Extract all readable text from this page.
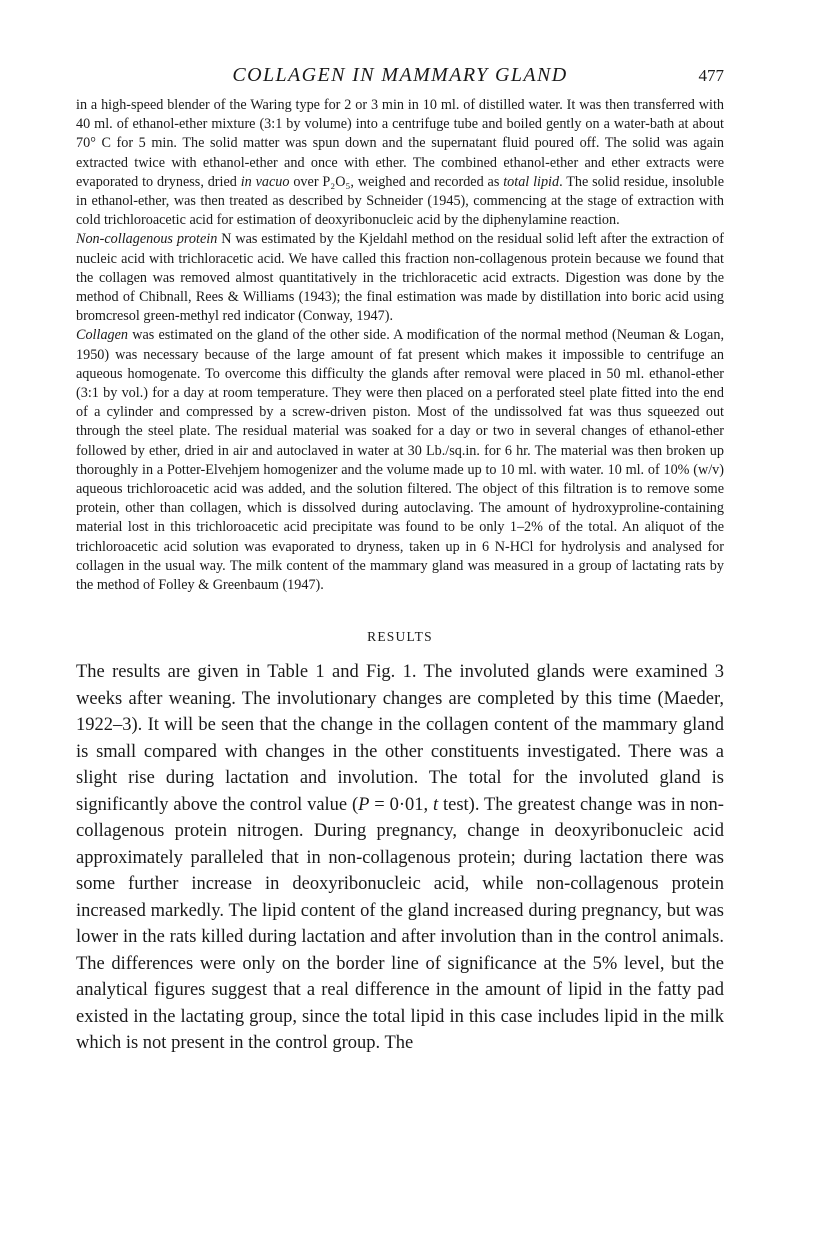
COLLAGEN IN MAMMARY GLAND	477

in a high-speed blender of the Waring type for 2 or 3 min in 10 ml. of distilled water. It was then transferred with 40 ml. of ethanol-ether mixture (3:1 by volume) into a centrifuge tube and boiled gently on a water-bath at about 70° C for 5 min. The solid matter was spun down and the supernatant fluid poured off. The solid was again extracted twice with ethanol-ether and once with ether. The combined ethanol-ether and ether extracts were evaporated to dryness, dried in vacuo over P₂O₅, weighed and recorded as total lipid. The solid residue, insoluble in ethanol-ether, was then treated as described by Schneider (1945), commencing at the stage of extraction with cold trichloroacetic acid for estimation of deoxyribonucleic acid by the diphenylamine reaction.

Non-collagenous protein N was estimated by the Kjeldahl method on the residual solid left after the extraction of nucleic acid with trichloracetic acid. We have called this fraction non-collagenous protein because we found that the collagen was removed almost quantitatively in the trichloracetic acid extracts. Digestion was done by the method of Chibnall, Rees & Williams (1943); the final estimation was made by distillation into boric acid using bromcresol green-methyl red indicator (Conway, 1947).

Collagen was estimated on the gland of the other side. A modification of the normal method (Neuman & Logan, 1950) was necessary because of the large amount of fat present which makes it impossible to centrifuge an aqueous homogenate. To overcome this difficulty the glands after removal were placed in 50 ml. ethanol-ether (3:1 by vol.) for a day at room temperature. They were then placed on a perforated steel plate fitted into the end of a cylinder and compressed by a screw-driven piston. Most of the undissolved fat was thus squeezed out through the steel plate. The residual material was soaked for a day or two in several changes of ethanol-ether followed by ether, dried in air and autoclaved in water at 30 Lb./sq.in. for 6 hr. The material was then broken up thoroughly in a Potter-Elvehjem homogenizer and the volume made up to 10 ml. with water. 10 ml. of 10% (w/v) aqueous trichloroacetic acid was added, and the solution filtered. The object of this filtration is to remove some protein, other than collagen, which is dissolved during autoclaving. The amount of hydroxyproline-containing material lost in this trichloroacetic acid precipitate was found to be only 1–2% of the total. An aliquot of the trichloroacetic acid solution was evaporated to dryness, taken up in 6 N-HCl for hydrolysis and analysed for collagen in the usual way. The milk content of the mammary gland was measured in a group of lactating rats by the method of Folley & Greenbaum (1947).

RESULTS

The results are given in Table 1 and Fig. 1. The involuted glands were examined 3 weeks after weaning. The involutionary changes are completed by this time (Maeder, 1922–3). It will be seen that the change in the collagen content of the mammary gland is small compared with changes in the other constituents investigated. There was a slight rise during lactation and involution. The total for the involuted gland is significantly above the control value (P = 0·01, t test). The greatest change was in non-collagenous protein nitrogen. During pregnancy, change in deoxyribonucleic acid approximately paralleled that in non-collagenous protein; during lactation there was some further increase in deoxyribonucleic acid, while non-collagenous protein increased markedly. The lipid content of the gland increased during pregnancy, but was lower in the rats killed during lactation and after involution than in the control animals. The differences were only on the border line of significance at the 5% level, but the analytical figures suggest that a real difference in the amount of lipid in the fatty pad existed in the lactating group, since the total lipid in this case includes lipid in the milk which is not present in the control group. The
